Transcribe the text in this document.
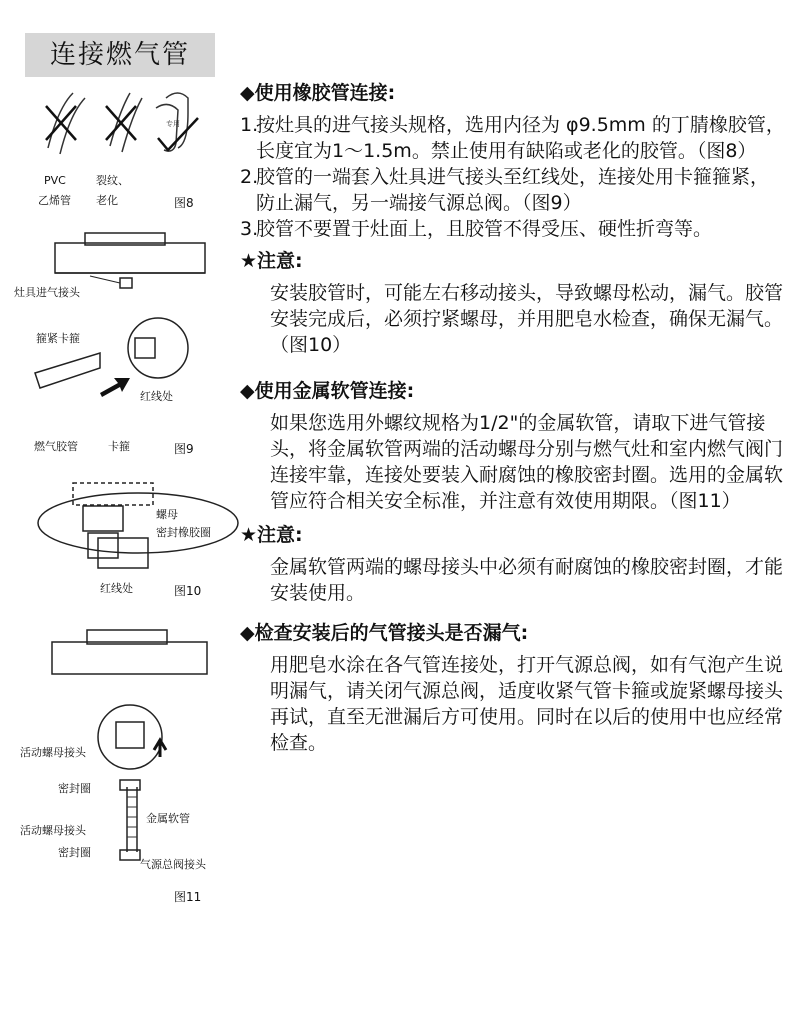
连接燃气管
专用
PVC
乙烯管
裂纹、
老化	图8
灶具进气接头
箍紧卡箍
红线处
燃气胶管	卡箍	图9
螺母
密封橡胶圈
红线处	图10
活动螺母接头
密封圈
金属软管
活动螺母接头
密封圈
气源总阀接头
图11
◆使用橡胶管连接:
1.
按灶具的进气接头规格，选用内径为 φ9.5mm 的丁腈橡胶管，长度宜为1～1.5m。禁止使用有缺陷或老化的胶管。（图8）
2.
胶管的一端套入灶具进气接头至红线处，连接处用卡箍箍紧，防止漏气，另一端接气源总阀。（图9）
3.
胶管不要置于灶面上，且胶管不得受压、硬性折弯等。
★注意:
安装胶管时，可能左右移动接头，导致螺母松动，漏气。胶管安装完成后，必须拧紧螺母，并用肥皂水检查，确保无漏气。（图10）
◆使用金属软管连接:
如果您选用外螺纹规格为1/2"的金属软管，请取下进气管接头，将金属软管两端的活动螺母分别与燃气灶和室内燃气阀门连接牢靠，连接处要装入耐腐蚀的橡胶密封圈。选用的金属软管应符合相关安全标准，并注意有效使用期限。（图11）
★注意:
金属软管两端的螺母接头中必须有耐腐蚀的橡胶密封圈，才能安装使用。
◆检查安装后的气管接头是否漏气:
用肥皂水涂在各气管连接处，打开气源总阀，如有气泡产生说明漏气，请关闭气源总阀，适度收紧气管卡箍或旋紧螺母接头再试，直至无泄漏后方可使用。同时在以后的使用中也应经常检查。
